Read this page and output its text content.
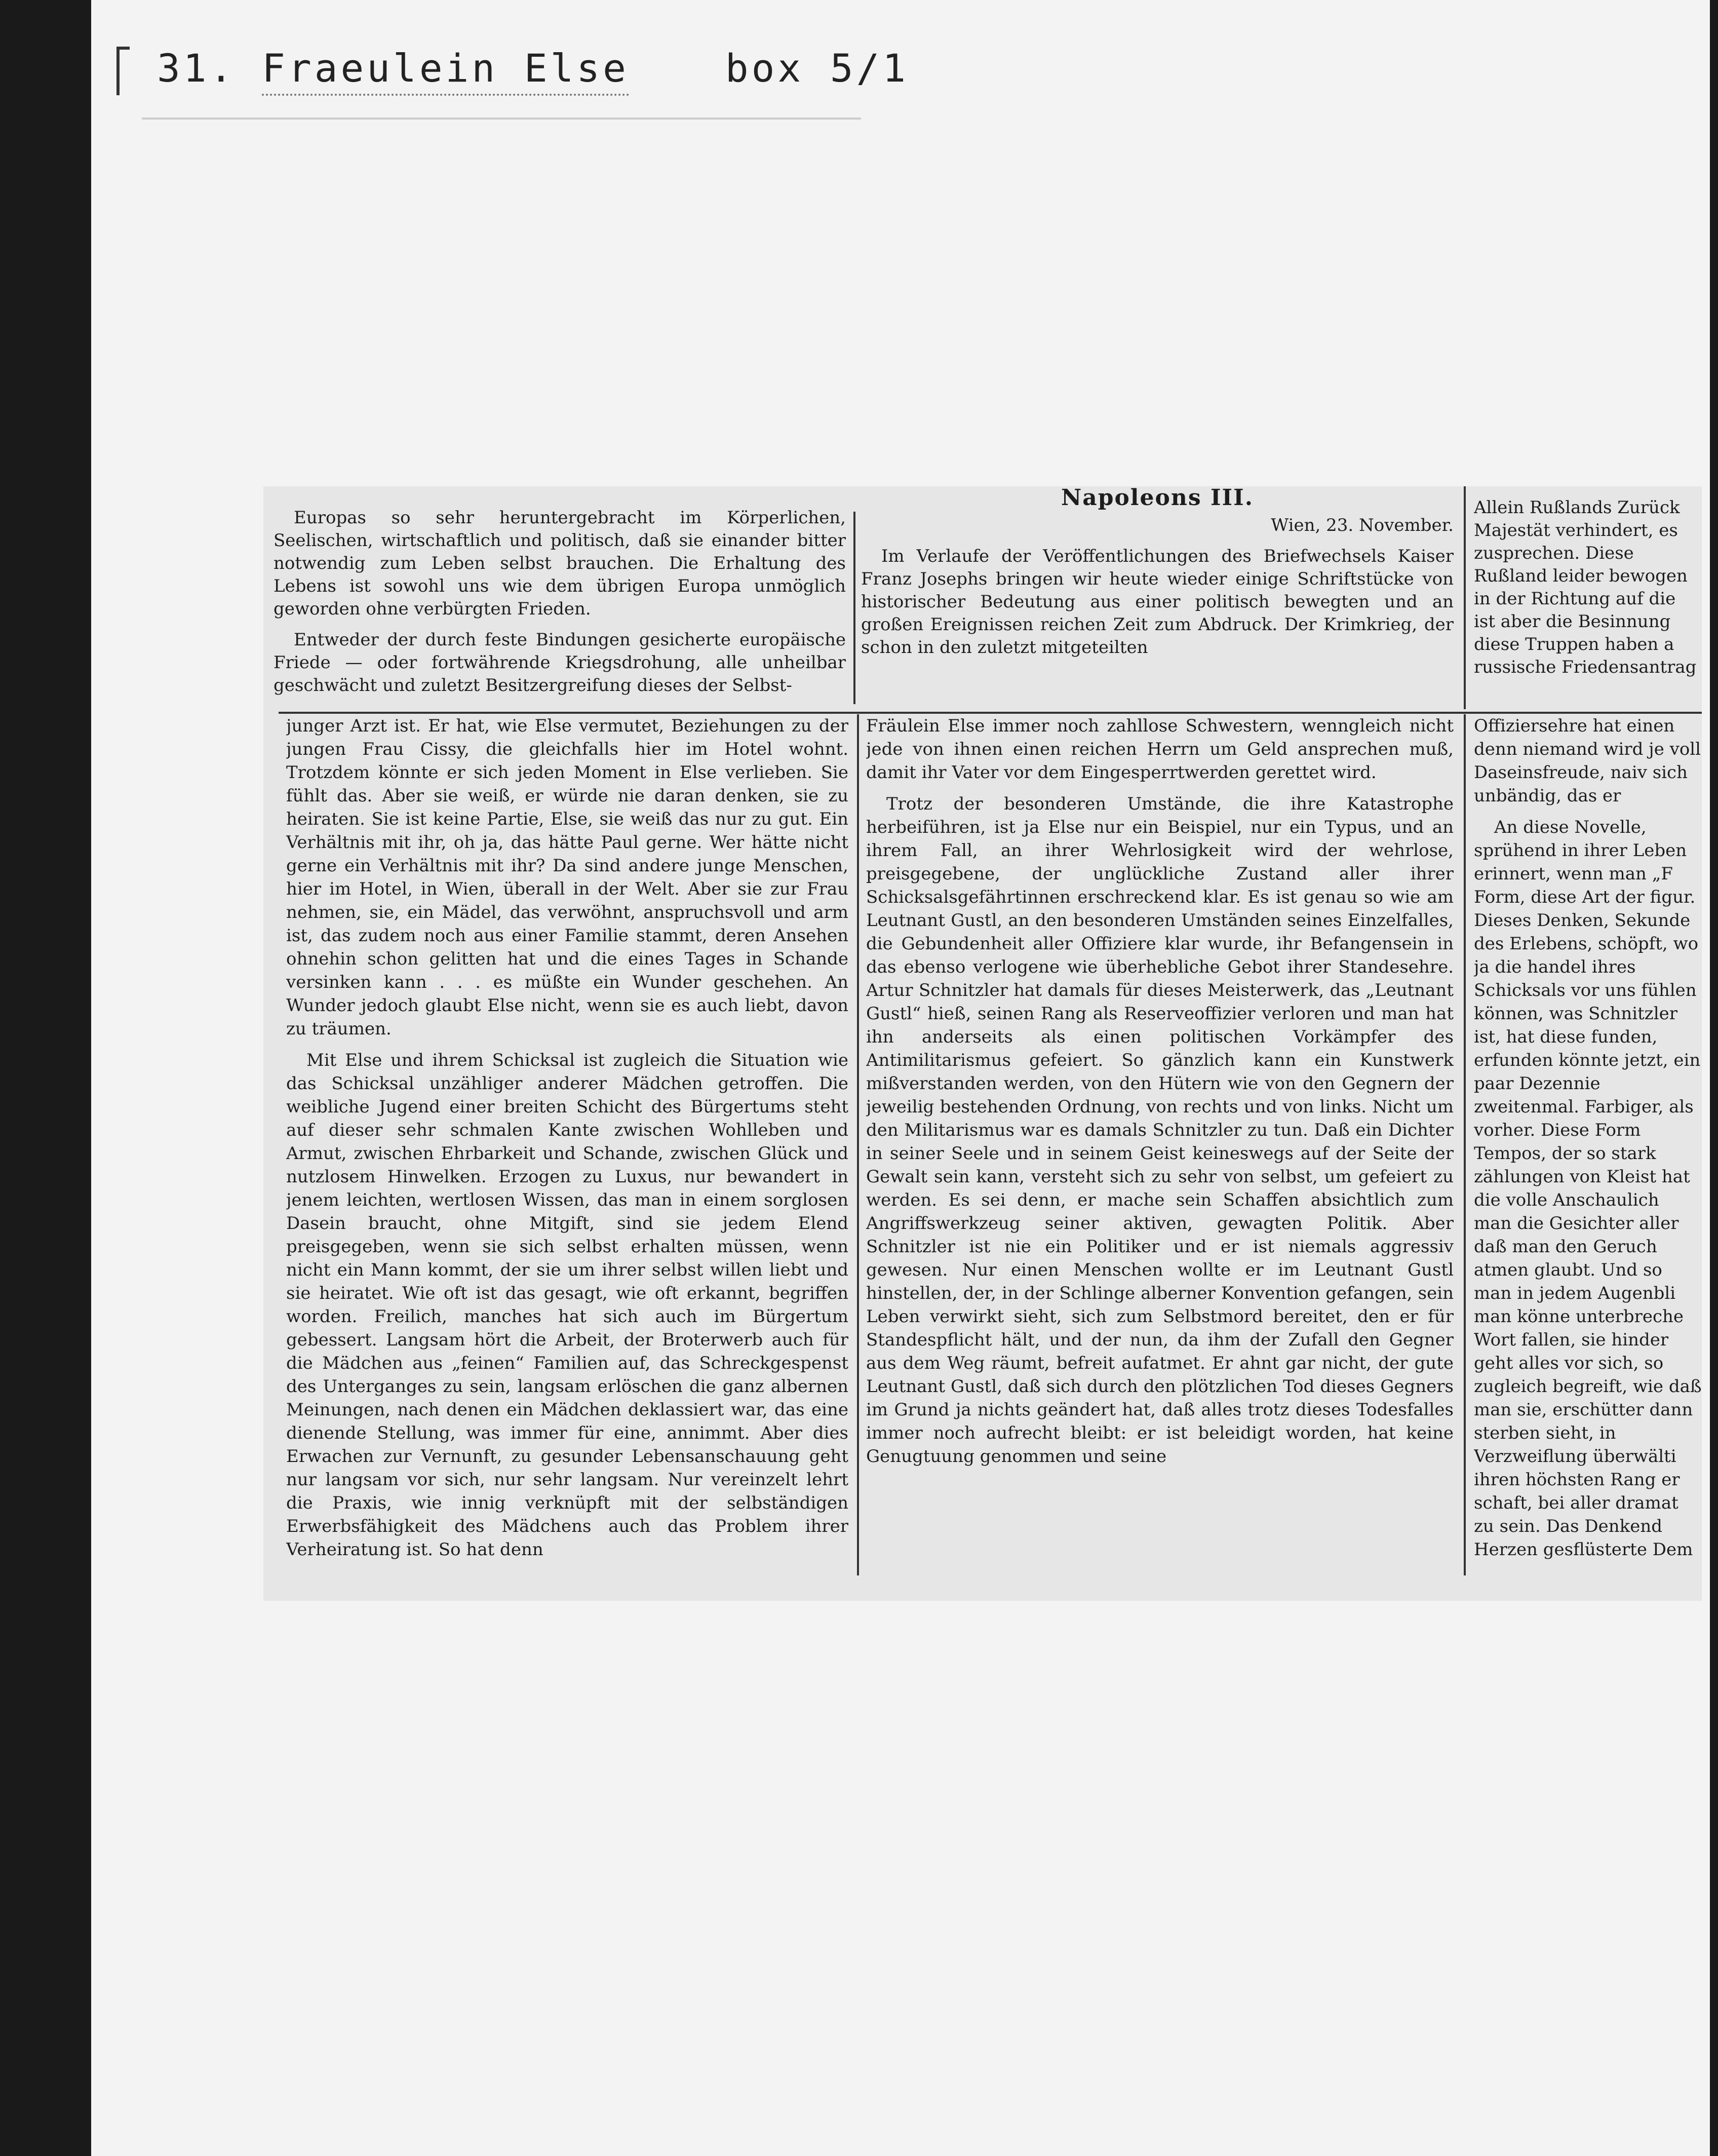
31. Fraeulein Else	box 5/1

Europas so sehr heruntergebracht im Körperlichen, Seelischen, wirtschaftlich und politisch, daß sie einander bitter notwendig zum Leben selbst brauchen. Die Erhaltung des Lebens ist sowohl uns wie dem übrigen Europa unmöglich geworden ohne verbürgten Frieden.

Entweder der durch feste Bindungen gesicherte europäische Friede — oder fortwährende Kriegsdrohung, alle unheilbar geschwächt und zuletzt Besitzergreifung dieses der Selbst-

Napoleons III.
Wien, 23. November.

Im Verlaufe der Veröffentlichungen des Briefwechsels Kaiser Franz Josephs bringen wir heute wieder einige Schriftstücke von historischer Bedeutung aus einer politisch bewegten und an großen Ereignissen reichen Zeit zum Abdruck. Der Krimkrieg, der schon in den zuletzt mitgeteilten

Allein Rußlands Zurück Majestät verhindert, es zusprechen. Diese Rußland leider bewogen in der Richtung auf die ist aber die Besinnung diese Truppen haben a russische Friedensantrag

junger Arzt ist. Er hat, wie Else vermutet, Beziehungen zu der jungen Frau Cissy, die gleichfalls hier im Hotel wohnt. Trotzdem könnte er sich jeden Moment in Else verlieben. Sie fühlt das. Aber sie weiß, er würde nie daran denken, sie zu heiraten. Sie ist keine Partie, Else, sie weiß das nur zu gut. Ein Verhältnis mit ihr, oh ja, das hätte Paul gerne. Wer hätte nicht gerne ein Verhältnis mit ihr? Da sind andere junge Menschen, hier im Hotel, in Wien, überall in der Welt. Aber sie zur Frau nehmen, sie, ein Mädel, das verwöhnt, anspruchsvoll und arm ist, das zudem noch aus einer Familie stammt, deren Ansehen ohnehin schon gelitten hat und die eines Tages in Schande versinken kann . . . es müßte ein Wunder geschehen. An Wunder jedoch glaubt Else nicht, wenn sie es auch liebt, davon zu träumen.

Mit Else und ihrem Schicksal ist zugleich die Situation wie das Schicksal unzähliger anderer Mädchen getroffen. Die weibliche Jugend einer breiten Schicht des Bürgertums steht auf dieser sehr schmalen Kante zwischen Wohlleben und Armut, zwischen Ehrbarkeit und Schande, zwischen Glück und nutzlosem Hinwelken. Erzogen zu Luxus, nur bewandert in jenem leichten, wertlosen Wissen, das man in einem sorglosen Dasein braucht, ohne Mitgift, sind sie jedem Elend preisgegeben, wenn sie sich selbst erhalten müssen, wenn nicht ein Mann kommt, der sie um ihrer selbst willen liebt und sie heiratet. Wie oft ist das gesagt, wie oft erkannt, begriffen worden. Freilich, manches hat sich auch im Bürgertum gebessert. Langsam hört die Arbeit, der Broterwerb auch für die Mädchen aus „feinen“ Familien auf, das Schreckgespenst des Unterganges zu sein, langsam erlöschen die ganz albernen Meinungen, nach denen ein Mädchen deklassiert war, das eine dienende Stellung, was immer für eine, annimmt. Aber dies Erwachen zur Vernunft, zu gesunder Lebensanschauung geht nur langsam vor sich, nur sehr langsam. Nur vereinzelt lehrt die Praxis, wie innig verknüpft mit der selbständigen Erwerbsfähigkeit des Mädchens auch das Problem ihrer Verheiratung ist. So hat denn

Fräulein Else immer noch zahllose Schwestern, wenngleich nicht jede von ihnen einen reichen Herrn um Geld ansprechen muß, damit ihr Vater vor dem Eingesperrtwerden gerettet wird.

Trotz der besonderen Umstände, die ihre Katastrophe herbeiführen, ist ja Else nur ein Beispiel, nur ein Typus, und an ihrem Fall, an ihrer Wehrlosigkeit wird der wehrlose, preisgegebene, der unglückliche Zustand aller ihrer Schicksalsgefährtinnen erschreckend klar. Es ist genau so wie am Leutnant Gustl, an den besonderen Umständen seines Einzelfalles, die Gebundenheit aller Offiziere klar wurde, ihr Befangensein in das ebenso verlogene wie überhebliche Gebot ihrer Standesehre. Artur Schnitzler hat damals für dieses Meisterwerk, das „Leutnant Gustl“ hieß, seinen Rang als Reserveoffizier verloren und man hat ihn anderseits als einen politischen Vorkämpfer des Antimilitarismus gefeiert. So gänzlich kann ein Kunstwerk mißverstanden werden, von den Hütern wie von den Gegnern der jeweilig bestehenden Ordnung, von rechts und von links. Nicht um den Militarismus war es damals Schnitzler zu tun. Daß ein Dichter in seiner Seele und in seinem Geist keineswegs auf der Seite der Gewalt sein kann, versteht sich zu sehr von selbst, um gefeiert zu werden. Es sei denn, er mache sein Schaffen absichtlich zum Angriffswerkzeug seiner aktiven, gewagten Politik. Aber Schnitzler ist nie ein Politiker und er ist niemals aggressiv gewesen. Nur einen Menschen wollte er im Leutnant Gustl hinstellen, der, in der Schlinge alberner Konvention gefangen, sein Leben verwirkt sieht, sich zum Selbstmord bereitet, den er für Standespflicht hält, und der nun, da ihm der Zufall den Gegner aus dem Weg räumt, befreit aufatmet. Er ahnt gar nicht, der gute Leutnant Gustl, daß sich durch den plötzlichen Tod dieses Gegners im Grund ja nichts geändert hat, daß alles trotz dieses Todesfalles immer noch aufrecht bleibt: er ist beleidigt worden, hat keine Genugtuung genommen und seine

Offiziersehre hat einen denn niemand wird je voll Daseinsfreude, naiv sich unbändig, das er

An diese Novelle, sprühend in ihrer Leben erinnert, wenn man „F Form, diese Art der figur. Dieses Denken, Sekunde des Erlebens, schöpft, wo ja die handel ihres Schicksals vor uns fühlen können, was Schnitzler ist, hat diese funden, erfunden könnte jetzt, ein paar Dezennie zweitenmal. Farbiger, als vorher. Diese Form Tempos, der so stark zählungen von Kleist hat die volle Anschaulich man die Gesichter aller daß man den Geruch atmen glaubt. Und so man in jedem Augenbli man könne unterbreche Wort fallen, sie hinder geht alles vor sich, so zugleich begreift, wie daß man sie, erschütter dann sterben sieht, in Verzweiflung überwälti ihren höchsten Rang er schaft, bei aller dramat zu sein. Das Denkend Herzen gesflüsterte Dem
